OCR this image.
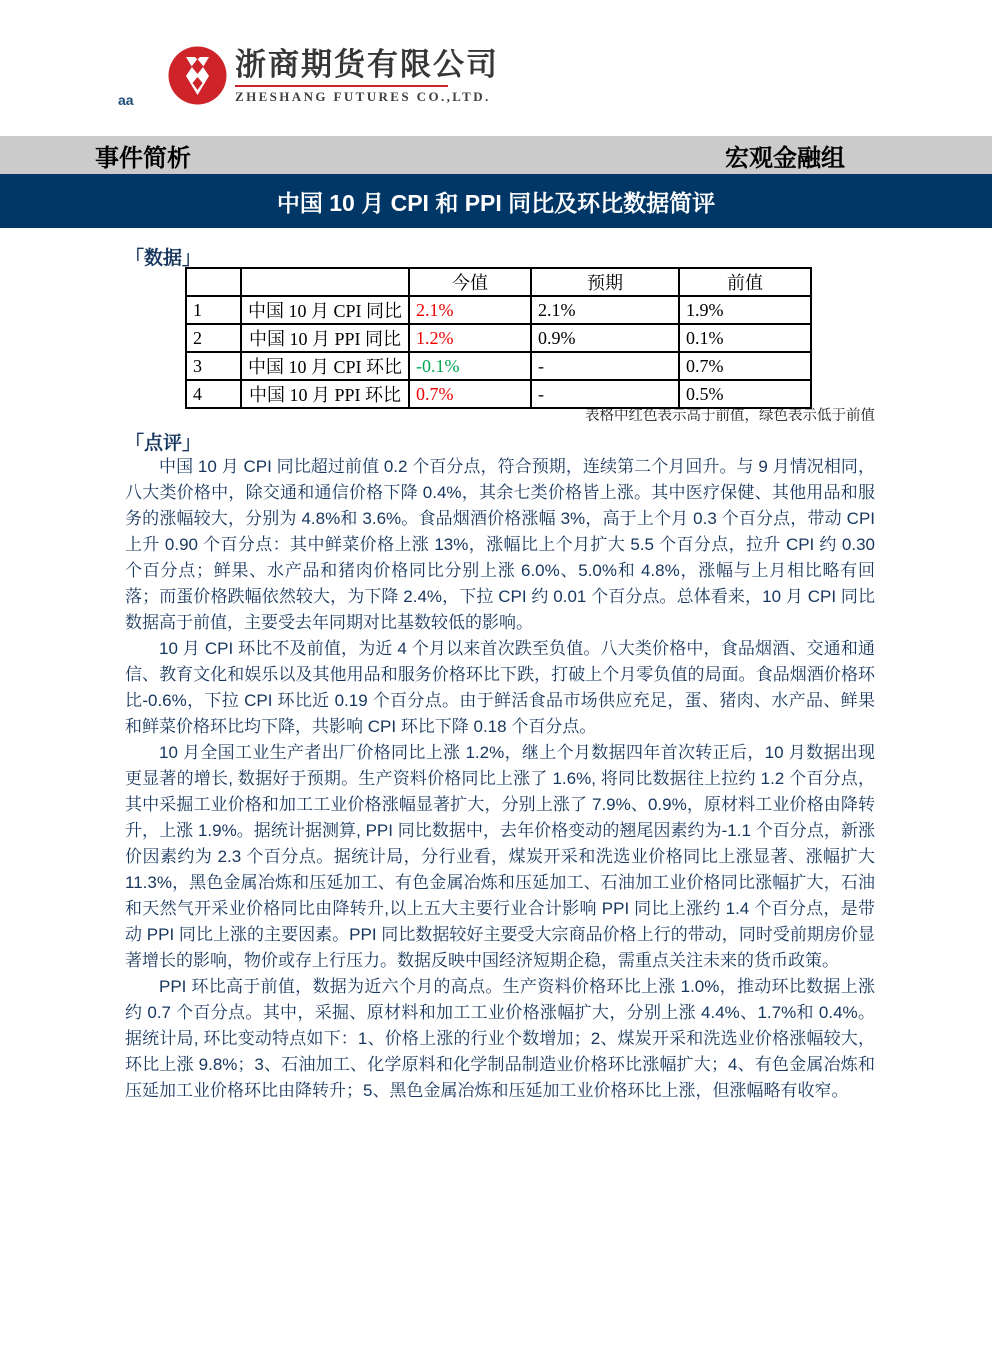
aa
浙商期货有限公司
ZHESHANG FUTURES CO.,LTD.
事件简析	宏观金融组
中国 10 月 CPI 和 PPI 同比及环比数据简评
「数据」
		今值	预期	前值
1	中国 10 月 CPI 同比	2.1%	2.1%	1.9%
2	中国 10 月 PPI 同比	1.2%	0.9%	0.1%
3	中国 10 月 CPI 环比	-0.1%	-	0.7%
4	中国 10 月 PPI 环比	0.7%	-	0.5%
表格中红色表示高于前值，绿色表示低于前值
「点评」

中国 10 月 CPI 同比超过前值 0.2 个百分点，符合预期，连续第二个月回升。与 9 月情况相同，八大类价格中，除交通和通信价格下降 0.4%，其余七类价格皆上涨。其中医疗保健、其他用品和服务的涨幅较大，分别为 4.8%和 3.6%。食品烟酒价格涨幅 3%，高于上个月 0.3 个百分点，带动 CPI 上升 0.90 个百分点：其中鲜菜价格上涨 13%，涨幅比上个月扩大 5.5 个百分点，拉升 CPI 约 0.30 个百分点；鲜果、水产品和猪肉价格同比分别上涨 6.0%、5.0%和 4.8%，涨幅与上月相比略有回落；而蛋价格跌幅依然较大，为下降 2.4%，下拉 CPI 约 0.01 个百分点。总体看来，10 月 CPI 同比数据高于前值，主要受去年同期对比基数较低的影响。

10 月 CPI 环比不及前值，为近 4 个月以来首次跌至负值。八大类价格中，食品烟酒、交通和通信、教育文化和娱乐以及其他用品和服务价格环比下跌，打破上个月零负值的局面。食品烟酒价格环比-0.6%，下拉 CPI 环比近 0.19 个百分点。由于鲜活食品市场供应充足，蛋、猪肉、水产品、鲜果和鲜菜价格环比均下降，共影响 CPI 环比下降 0.18 个百分点。

10 月全国工业生产者出厂价格同比上涨 1.2%，继上个月数据四年首次转正后，10 月数据出现更显著的增长, 数据好于预期。生产资料价格同比上涨了 1.6%, 将同比数据往上拉约 1.2 个百分点，其中采掘工业价格和加工工业价格涨幅显著扩大，分别上涨了 7.9%、0.9%，原材料工业价格由降转升，上涨 1.9%。据统计据测算, PPI 同比数据中，去年价格变动的翘尾因素约为-1.1 个百分点，新涨价因素约为 2.3 个百分点。据统计局，分行业看，煤炭开采和洗选业价格同比上涨显著、涨幅扩大 11.3%，黑色金属冶炼和压延加工、有色金属冶炼和压延加工、石油加工业价格同比涨幅扩大，石油和天然气开采业价格同比由降转升,以上五大主要行业合计影响 PPI 同比上涨约 1.4 个百分点，是带动 PPI 同比上涨的主要因素。PPI 同比数据较好主要受大宗商品价格上行的带动，同时受前期房价显著增长的影响，物价或存上行压力。数据反映中国经济短期企稳，需重点关注未来的货币政策。

PPI 环比高于前值，数据为近六个月的高点。生产资料价格环比上涨 1.0%，推动环比数据上涨约 0.7 个百分点。其中，采掘、原材料和加工工业价格涨幅扩大，分别上涨 4.4%、1.7%和 0.4%。据统计局, 环比变动特点如下：1、价格上涨的行业个数增加；2、煤炭开采和洗选业价格涨幅较大，环比上涨 9.8%；3、石油加工、化学原料和化学制品制造业价格环比涨幅扩大；4、有色金属冶炼和压延加工业价格环比由降转升；5、黑色金属冶炼和压延加工业价格环比上涨，但涨幅略有收窄。
